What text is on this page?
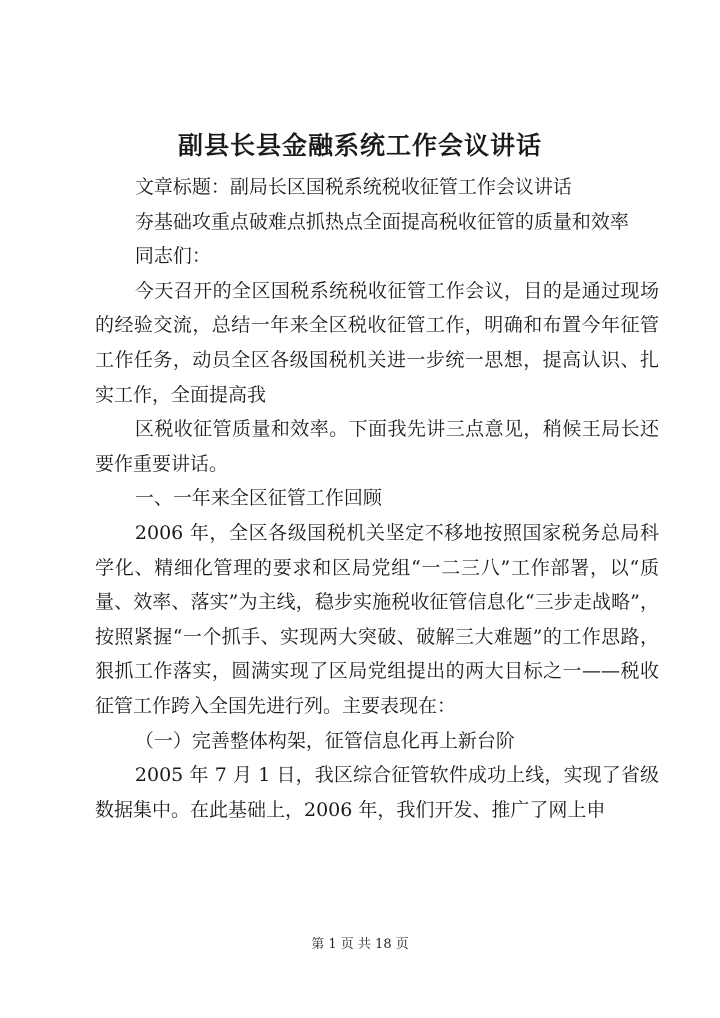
副县长县金融系统工作会议讲话

文章标题：副局长区国税系统税收征管工作会议讲话

夯基础攻重点破难点抓热点全面提高税收征管的质量和效率

同志们：

今天召开的全区国税系统税收征管工作会议，目的是通过现场的经验交流，总结一年来全区税收征管工作，明确和布置今年征管工作任务，动员全区各级国税机关进一步统一思想，提高认识、扎实工作，全面提高我

区税收征管质量和效率。下面我先讲三点意见，稍候王局长还要作重要讲话。

一、一年来全区征管工作回顾

2006 年，全区各级国税机关坚定不移地按照国家税务总局科学化、精细化管理的要求和区局党组“一二三八”工作部署，以“质量、效率、落实”为主线，稳步实施税收征管信息化“三步走战略”，按照紧握“一个抓手、实现两大突破、破解三大难题”的工作思路，狠抓工作落实，圆满实现了区局党组提出的两大目标之一——税收征管工作跨入全国先进行列。主要表现在：

（一）完善整体构架，征管信息化再上新台阶

2005 年 7 月 1 日，我区综合征管软件成功上线，实现了省级数据集中。在此基础上，2006 年，我们开发、推广了网上申

第 1 页 共 18 页
